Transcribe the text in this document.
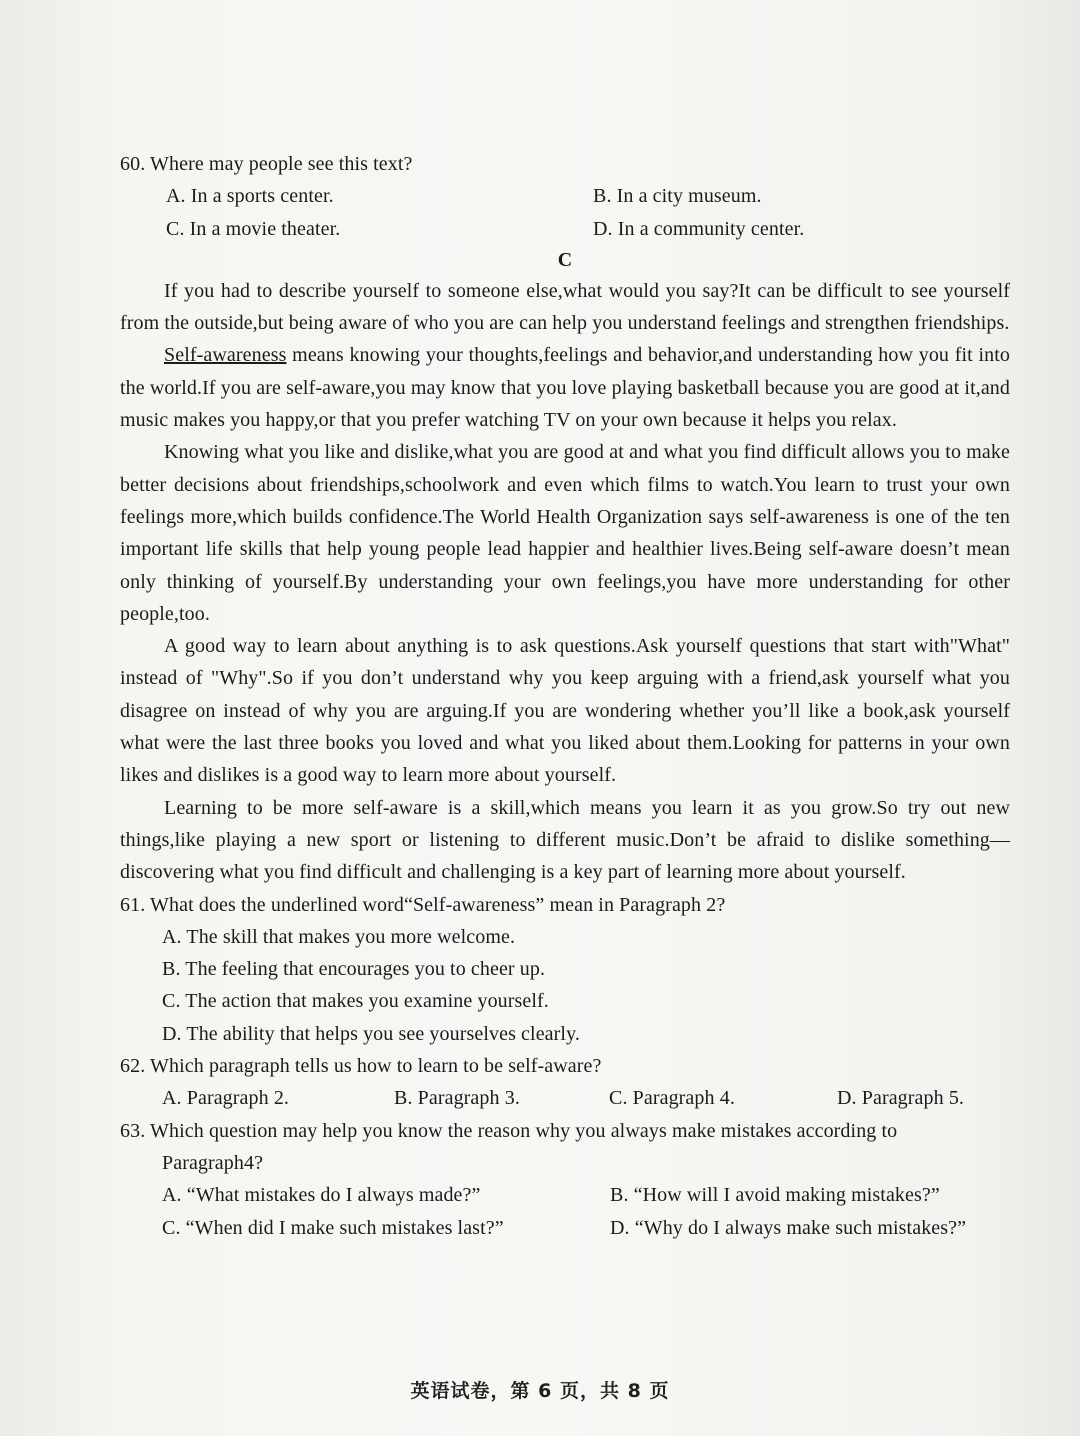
60. Where may people see this text?

A. In a sports center.	B. In a city museum.
C. In a movie theater.	D. In a community center.

C

If you had to describe yourself to someone else,what would you say?It can be difficult to see yourself from the outside,but being aware of who you are can help you understand feelings and strengthen friendships.

Self-awareness means knowing your thoughts,feelings and behavior,and understanding how you fit into the world.If you are self-aware,you may know that you love playing basketball because you are good at it,and music makes you happy,or that you prefer watching TV on your own because it helps you relax.

Knowing what you like and dislike,what you are good at and what you find difficult allows you to make better decisions about friendships,schoolwork and even which films to watch.You learn to trust your own feelings more,which builds confidence.The World Health Organization says self-awareness is one of the ten important life skills that help young people lead happier and healthier lives.Being self-aware doesn’t mean only thinking of yourself.By understanding your own feelings,you have more understanding for other people,too.

A good way to learn about anything is to ask questions.Ask yourself questions that start with"What" instead of "Why".So if you don’t understand why you keep arguing with a friend,ask yourself what you disagree on instead of why you are arguing.If you are wondering whether you’ll like a book,ask yourself what were the last three books you loved and what you liked about them.Looking for patterns in your own likes and dislikes is a good way to learn more about yourself.

Learning to be more self-aware is a skill,which means you learn it as you grow.So try out new things,like playing a new sport or listening to different music.Don’t be afraid to dislike something— discovering what you find difficult and challenging is a key part of learning more about yourself.

61. What does the underlined word“Self-awareness” mean in Paragraph 2?

A. The skill that makes you more welcome.

B. The feeling that encourages you to cheer up.

C. The action that makes you examine yourself.

D. The ability that helps you see yourselves clearly.

62. Which paragraph tells us how to learn to be self-aware?

A. Paragraph 2.	B. Paragraph 3.	C. Paragraph 4.	D. Paragraph 5.

63. Which question may help you know the reason why you always make mistakes according to

Paragraph4?

A. “What mistakes do I always made?”	B. “How will I avoid making mistakes?”
C. “When did I make such mistakes last?”	D. “Why do I always make such mistakes?”
英语试卷，第 6 页，共 8 页
